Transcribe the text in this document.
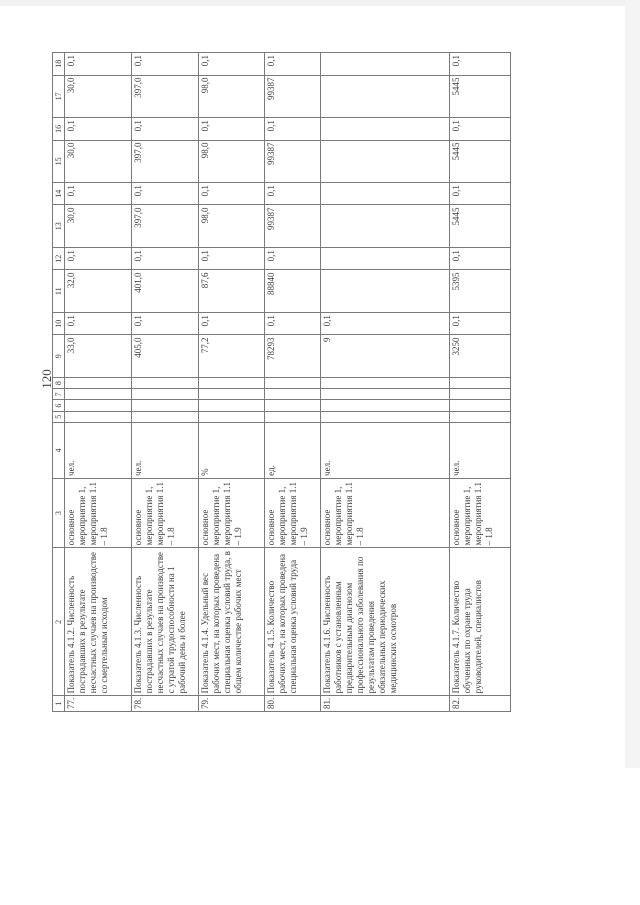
120
1	2	3	4	5	6	7	8	9	10	11	12	13	14	15	16	17	18
77.	Показатель 4.1.2. Численность пострадавших в результате несчастных случаев на производстве со смертельным исходом	основное мероприятие 1, мероприятия 1.1 – 1.8	чел.					33,0	0,1	32,0	0,1	30,0	0,1	30,0	0,1	30,0	0,1
78.	Показатель 4.1.3. Численность пострадавших в результате несчастных случаев на производстве с утратой трудоспособности на 1 рабочий день и более	основное мероприятие 1, мероприятия 1.1 – 1.8	чел.					405,0	0,1	401,0	0,1	397,0	0,1	397,0	0,1	397,0	0,1
79.	Показатель 4.1.4. Удельный вес рабочих мест, на которых проведена специальная оценка условий труда, в общем количестве рабочих мест	основное мероприятие 1, мероприятия 1.1 – 1.9	%					77,2	0,1	87,6	0,1	98,0	0,1	98,0	0,1	98,0	0,1
80.	Показатель 4.1.5. Количество рабочих мест, на которых проведена специальная оценка условий труда	основное мероприятие 1, мероприятия 1.1 – 1.9	ед.					78293	0,1	88840	0,1	99387	0,1	99387	0,1	99387	0,1
81.	Показатель 4.1.6. Численность работников с установленным предварительным диагнозом профессионального заболевания по результатам проведения обязательных периодических медицинских осмотров	основное мероприятие 1, мероприятия 1.1 – 1.8	чел.					9	0,1								
82.	Показатель 4.1.7. Количество обученных по охране труда руководителей, специалистов	основное мероприятие 1, мероприятия 1.1 – 1.8	чел.					3250	0,1	5395	0,1	5445	0,1	5445	0,1	5445	0,1
